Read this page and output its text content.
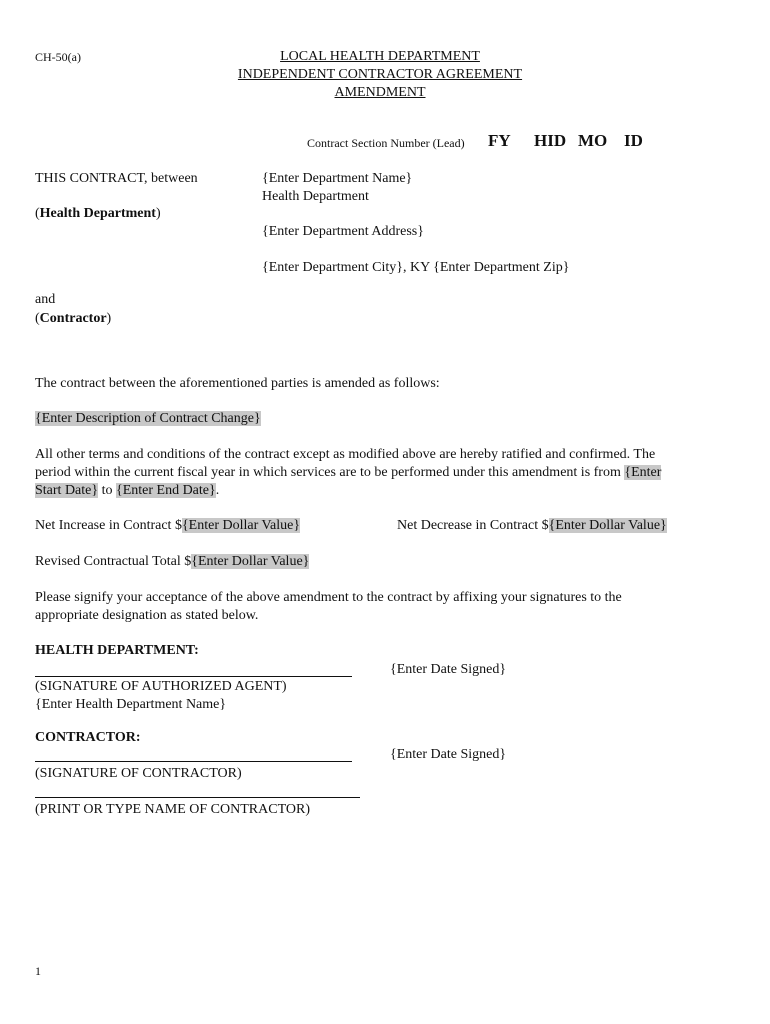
CH-50(a)	LOCAL HEALTH DEPARTMENT
INDEPENDENT CONTRACTOR AGREEMENT
AMENDMENT
Contract Section Number (Lead) FY HID MO ID
THIS CONTRACT, between
(Health Department)
{Enter Department Name}
Health Department
{Enter Department Address}
{Enter Department City}, KY {Enter Department Zip}
and
(Contractor)
The contract between the aforementioned parties is amended as follows:
{Enter Description of Contract Change}
All other terms and conditions of the contract except as modified above are hereby ratified and confirmed. The
period within the current fiscal year in which services are to be performed under this amendment is from {Enter
Start Date} to {Enter End Date}.
Net Increase in Contract ${Enter Dollar Value}	Net Decrease in Contract ${Enter Dollar Value}
Revised Contractual Total ${Enter Dollar Value}
Please signify your acceptance of the above amendment to the contract by affixing your signatures to the
appropriate designation as stated below.
HEALTH DEPARTMENT:
{Enter Date Signed}
(SIGNATURE OF AUTHORIZED AGENT)
{Enter Health Department Name}
CONTRACTOR:
{Enter Date Signed}
(SIGNATURE OF CONTRACTOR)
(PRINT OR TYPE NAME OF CONTRACTOR)
1
